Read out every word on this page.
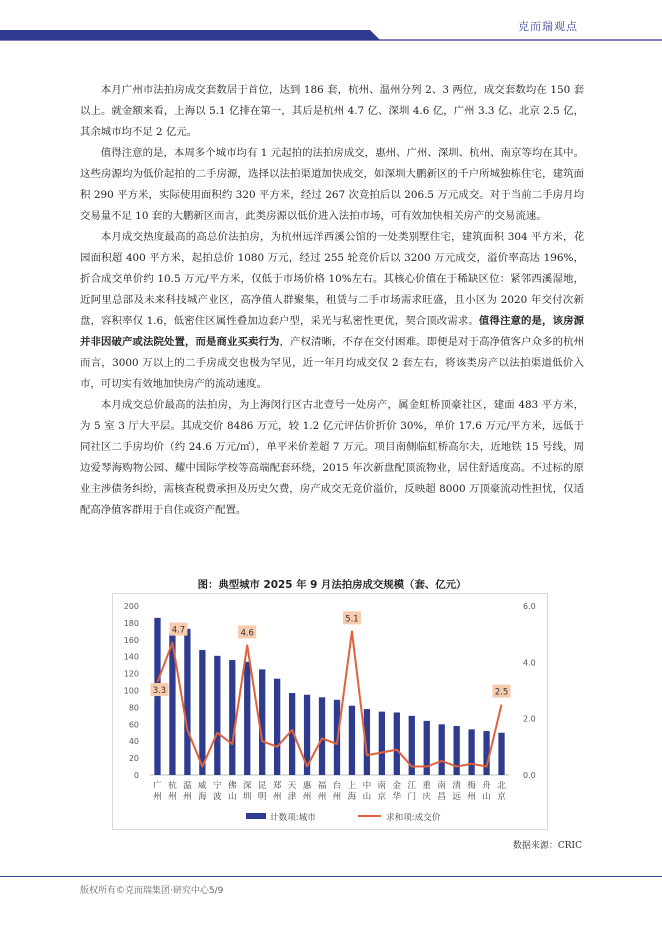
克而瑞观点

本月广州市法拍房成交套数居于首位，达到 186 套，杭州、温州分列 2、3 两位，成交套数均在 150 套以上。就金额来看，上海以 5.1 亿排在第一，其后是杭州 4.7 亿、深圳 4.6 亿，广州 3.3 亿、北京 2.5 亿，其余城市均不足 2 亿元。

值得注意的是，本周多个城市均有 1 元起拍的法拍房成交，惠州、广州、深圳、杭州、南京等均在其中。这些房源均为低价起拍的二手房源，选择以法拍渠道加快成交，如深圳大鹏新区的千户所城独栋住宅，建筑面积 290 平方米，实际使用面积约 320 平方米，经过 267 次竞拍后以 206.5 万元成交。对于当前二手房月均交易量不足 10 套的大鹏新区而言，此类房源以低价进入法拍市场，可有效加快相关房产的交易流速。

本月成交热度最高的高总价法拍房，为杭州远洋西溪公馆的一处类别墅住宅，建筑面积 304 平方米，花园面积超 400 平方米，起拍总价 1080 万元，经过 255 轮竞价后以 3200 万元成交，溢价率高达 196%，折合成交单价约 10.5 万元/平方米，仅低于市场价格 10%左右。其核心价值在于稀缺区位：紧邻西溪湿地，近阿里总部及未来科技城产业区，高净值人群聚集，租赁与二手市场需求旺盛，且小区为 2020 年交付次新盘，容积率仅 1.6，低密住区属性叠加边套户型，采光与私密性更优，契合顶改需求。值得注意的是，该房源并非因破产或法院处置，而是商业买卖行为，产权清晰，不存在交付困难。即便是对于高净值客户众多的杭州而言，3000 万以上的二手房成交也极为罕见，近一年月均成交仅 2 套左右，将该类房产以法拍渠道低价入市，可切实有效地加快房产的流动速度。

本月成交总价最高的法拍房，为上海闵行区古北壹号一处房产，属金虹桥顶豪社区，建面 483 平方米，为 5 室 3 厅大平层。其成交价 8486 万元，较 1.2 亿元评估价折价 30%，单价 17.6 万元/平方米，远低于同社区二手房均价（约 24.6 万元/㎡），单平米价差超 7 万元。项目南侧临虹桥高尔夫，近地铁 15 号线，周边爱琴海购物公园、耀中国际学校等高端配套环绕，2015 年次新盘配顶流物业，居住舒适度高。不过标的原业主涉债务纠纷，需核查税费承担及历史欠费，房产成交无竞价溢价，反映超 8000 万顶豪流动性担忧，仅适配高净值客群用于自住或资产配置。

图：典型城市 2025 年 9 月法拍房成交规模（套、亿元）
0
20
40
60
80
100
120
140
160
180
200
0.0
2.0
4.0
6.0
3.3
4.7	4.6
5.1
2.5
广
州
杭
州
温
州
威
海
宁
波
佛
山
深
圳
昆
明
郑
州
天
津
惠
州
福
州
台
州
上
海
中
山
南
京
金
华
江
门
重
庆
南
昌
清
远
梅
州
舟
山
北
京
计数项:城市	求和项:成交价
数据来源：CRIC
版权所有©克而瑞集团·研究中心5/9
